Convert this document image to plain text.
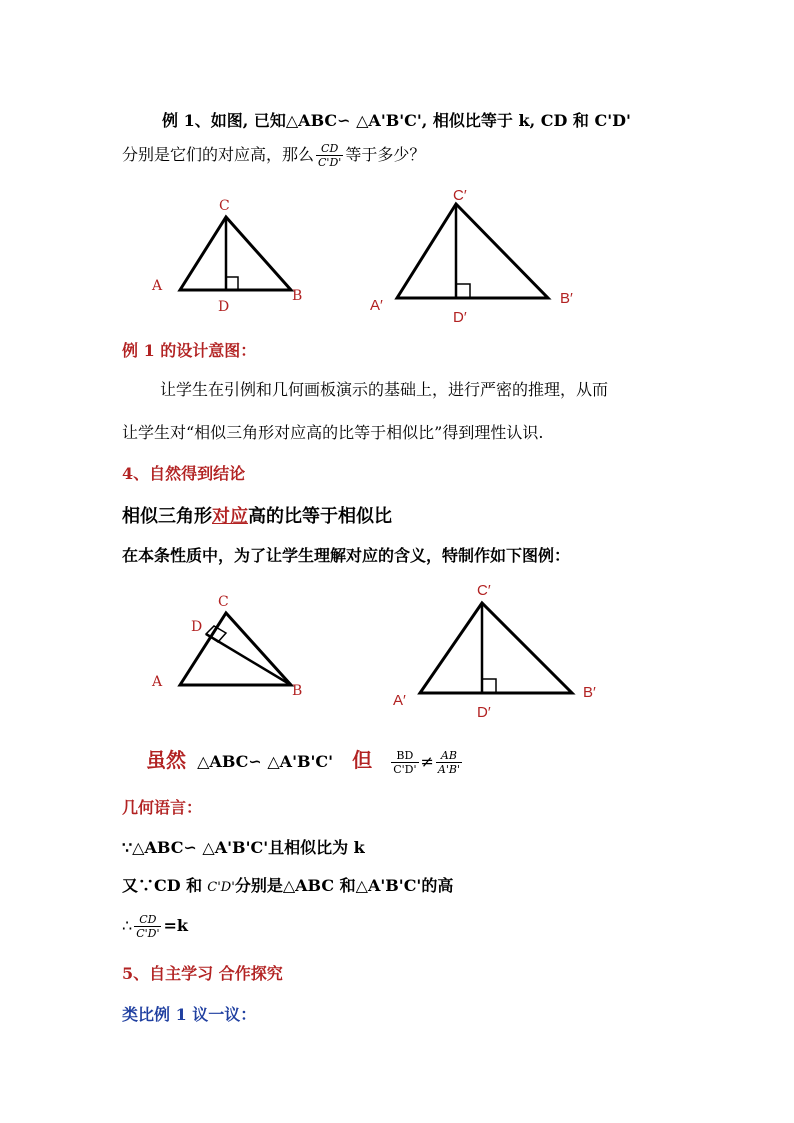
例 1、如图, 已知△ABC∽ △A'B'C', 相似比等于 k, CD 和 C'D'
分别是它们的对应高，那么 $\frac{CD}{C'D'}$ 等于多少？
A
C
D
B
A′
C′
D′
B′
例 1 的设计意图：
让学生在引例和几何画板演示的基础上，进行严密的推理，从而
让学生对“相似三角形对应高的比等于相似比”得到理性认识.
4、自然得到结论
相似三角形对应高的比等于相似比
在本条性质中，为了让学生理解对应的含义，特制作如下图例：
A
C
D
B
A′
C′
D′
B′
虽然 △ABC∽ △A'B'C' 但 $\frac{BD}{C'D'} \ne \frac{AB}{A'B'}$
几何语言：
∵△ABC∽ △A'B'C'且相似比为 k
又∵CD 和 C'D'分别是△ABC 和△A'B'C'的高
∴ $\frac{CD}{C'D'} =k$
5、自主学习 合作探究
类比例 1 议一议：
